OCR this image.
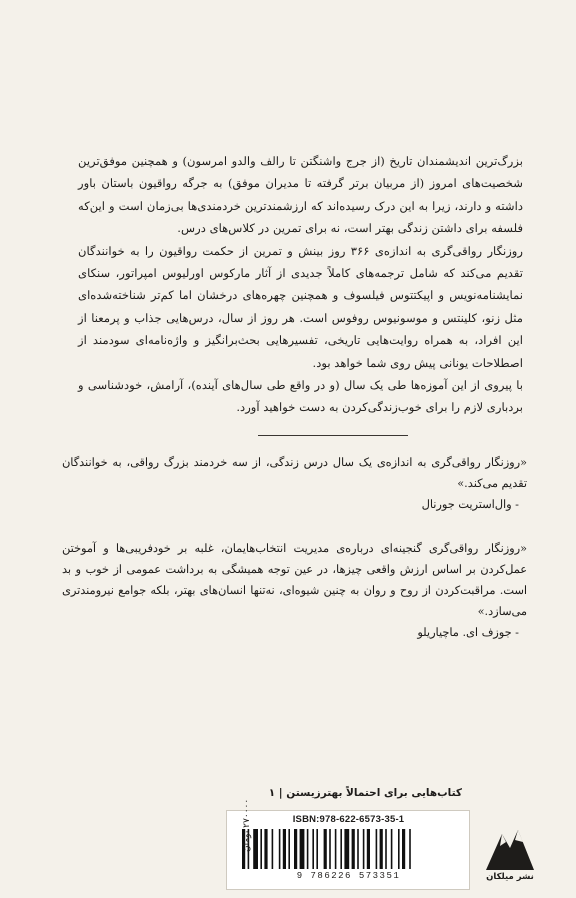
بزرگ‌ترین اندیشمندان تاریخ (از جرج واشنگتن تا رالف والدو امرسون) و همچنین موفق‌ترین شخصیت‌های امروز (از مربیان برتر گرفته تا مدیران موفق) به جرگه رواقیون باستان باور داشته و دارند، زیرا به این درک رسیده‌اند که ارزشمندترین خردمندی‌ها بی‌زمان است و این‌که فلسفه برای داشتن زندگی بهتر است، نه برای تمرین در کلاس‌های درس.

روزنگار رواقی‌گری به اندازه‌ی ۳۶۶ روز بینش و تمرین از حکمت رواقیون را به خوانندگان تقدیم می‌کند که شامل ترجمه‌های کاملاً جدیدی از آثار مارکوس اورلیوس امپراتور، سنکای نمایشنامه‌نویس و اپیکتتوس فیلسوف و همچنین چهره‌های درخشان اما کم‌تر شناخته‌شده‌ای مثل زنو، کلینتس و موسونیوس روفوس است. هر روز از سال، درس‌هایی جذاب و پرمعنا از این افراد، به همراه روایت‌هایی تاریخی، تفسیرهایی بحث‌برانگیز و واژه‌نامه‌ای سودمند از اصطلاحات یونانی پیش روی شما خواهد بود.

با پیروی از این آموزه‌ها طی یک سال (و در واقع طی سال‌های آینده)، آرامش، خودشناسی و بردباری لازم را برای خوب‌زندگی‌کردن به دست خواهید آورد.

«روزنگار رواقی‌گری به اندازه‌ی یک سال درس زندگی، از سه خردمند بزرگ رواقی، به خوانندگان تقدیم می‌کند.»

- وال‌استریت جورنال

«روزنگار رواقی‌گری گنجینه‌ای درباره‌ی مدیریت انتخاب‌هایمان، غلبه بر خودفریبی‌ها و آموختن عمل‌کردن بر اساس ارزش واقعی چیزها، در عین توجه همیشگی به برداشت عمومی از خوب و بد است. مراقبت‌کردن از روح و روان به چنین شیوه‌ای، نه‌تنها انسان‌های بهتر، بلکه جوامع نیرومندتری می‌سازد.»

- جوزف ای. ماچیاریلو

کتاب‌هایی برای احتمالاً بهترزیستن | ۱
ISBN:978-622-6573-35-1
9 786226 573351
۲۷۰۰۰۰ تومان
نشر میلکان
